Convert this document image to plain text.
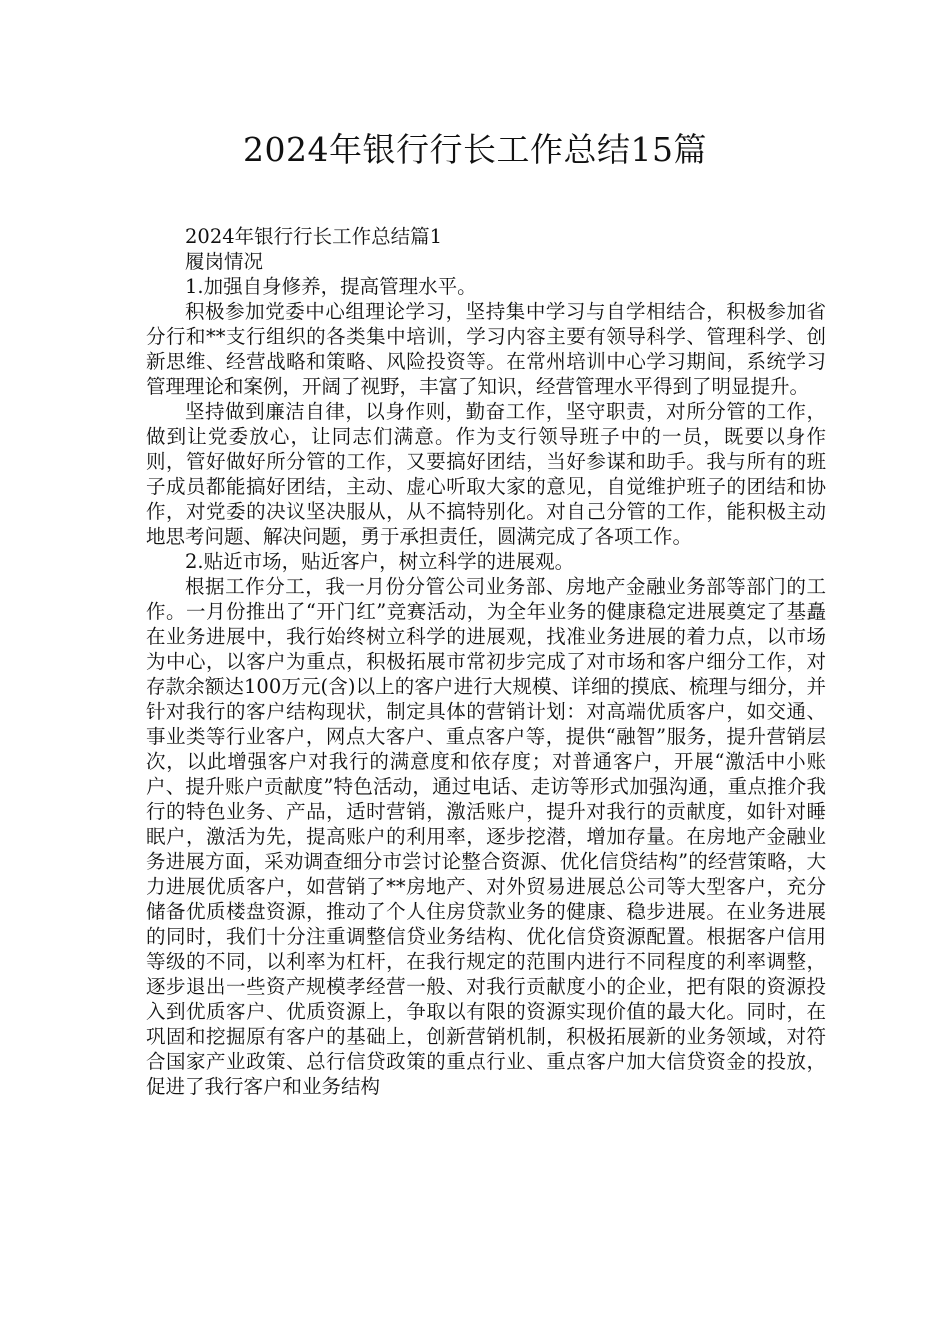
2024年银行行长工作总结15篇

2024年银行行长工作总结篇1

履岗情况

1.加强自身修养，提高管理水平。

积极参加党委中心组理论学习，坚持集中学习与自学相结合，积极参加省分行和**支行组织的各类集中培训，学习内容主要有领导科学、管理科学、创新思维、经营战略和策略、风险投资等。在常州培训中心学习期间，系统学习管理理论和案例，开阔了视野，丰富了知识，经营管理水平得到了明显提升。

坚持做到廉洁自律，以身作则，勤奋工作，坚守职责，对所分管的工作，做到让党委放心，让同志们满意。作为支行领导班子中的一员，既要以身作则，管好做好所分管的工作，又要搞好团结，当好参谋和助手。我与所有的班子成员都能搞好团结，主动、虚心听取大家的意见，自觉维护班子的团结和协作，对党委的决议坚决服从，从不搞特别化。对自己分管的工作，能积极主动地思考问题、解决问题，勇于承担责任，圆满完成了各项工作。

2.贴近市场，贴近客户，树立科学的进展观。

根据工作分工，我一月份分管公司业务部、房地产金融业务部等部门的工作。一月份推出了“开门红”竞赛活动，为全年业务的健康稳定进展奠定了基矗在业务进展中，我行始终树立科学的进展观，找准业务进展的着力点，以市场为中心，以客户为重点，积极拓展市常初步完成了对市场和客户细分工作，对存款余额达100万元(含)以上的客户进行大规模、详细的摸底、梳理与细分，并针对我行的客户结构现状，制定具体的营销计划：对高端优质客户，如交通、事业类等行业客户，网点大客户、重点客户等，提供“融智”服务，提升营销层次，以此增强客户对我行的满意度和依存度；对普通客户，开展“激活中小账户、提升账户贡献度”特色活动，通过电话、走访等形式加强沟通，重点推介我行的特色业务、产品，适时营销，激活账户，提升对我行的贡献度，如针对睡眠户，激活为先，提高账户的利用率，逐步挖潜，增加存量。在房地产金融业务进展方面，采劝调查细分市尝讨论整合资源、优化信贷结构”的经营策略，大力进展优质客户，如营销了**房地产、对外贸易进展总公司等大型客户，充分储备优质楼盘资源，推动了个人住房贷款业务的健康、稳步进展。在业务进展的同时，我们十分注重调整信贷业务结构、优化信贷资源配置。根据客户信用等级的不同，以利率为杠杆，在我行规定的范围内进行不同程度的利率调整，逐步退出一些资产规模孝经营一般、对我行贡献度小的企业，把有限的资源投入到优质客户、优质资源上，争取以有限的资源实现价值的最大化。同时，在巩固和挖掘原有客户的基础上，创新营销机制，积极拓展新的业务领域，对符合国家产业政策、总行信贷政策的重点行业、重点客户加大信贷资金的投放，促进了我行客户和业务结构
